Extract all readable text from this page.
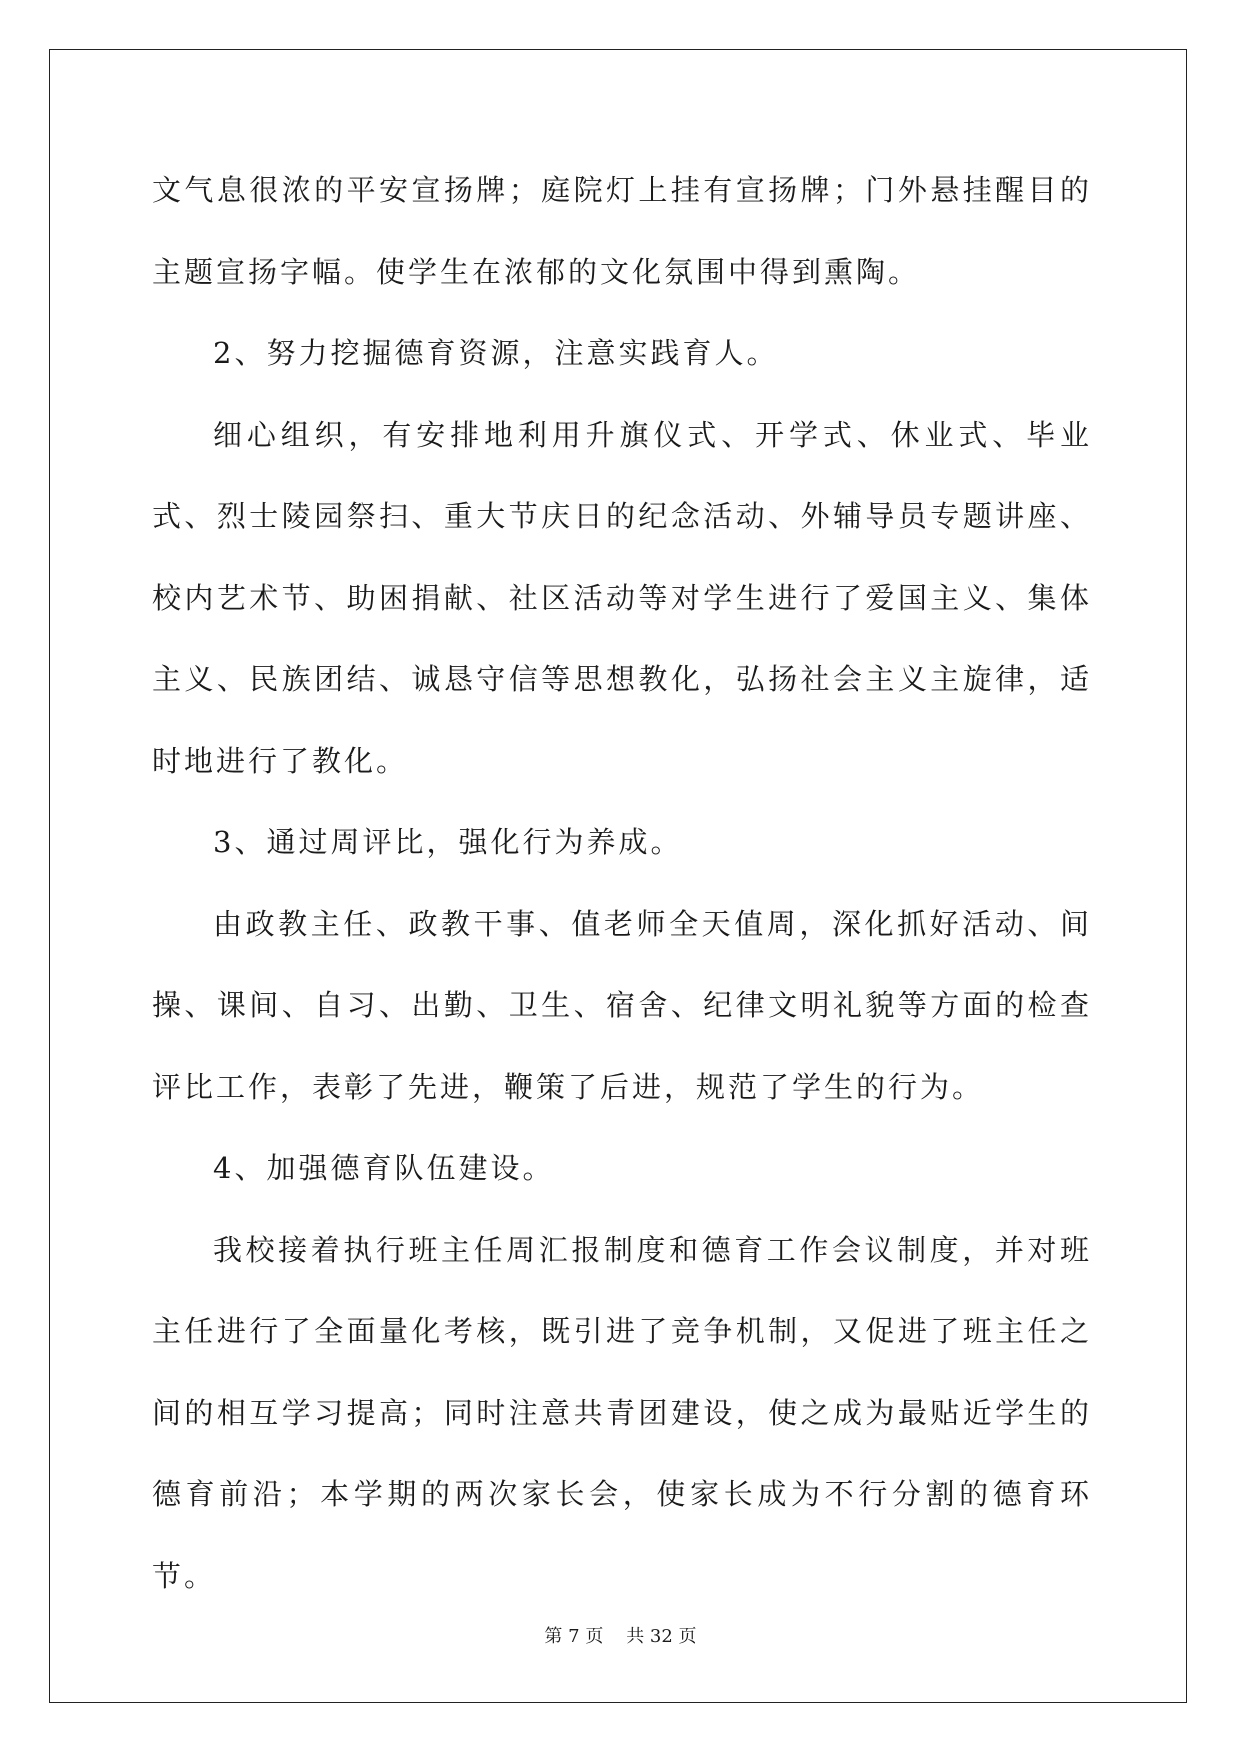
文气息很浓的平安宣扬牌；庭院灯上挂有宣扬牌；门外悬挂醒目的主题宣扬字幅。使学生在浓郁的文化氛围中得到熏陶。

2、努力挖掘德育资源，注意实践育人。

细心组织，有安排地利用升旗仪式、开学式、休业式、毕业式、烈士陵园祭扫、重大节庆日的纪念活动、外辅导员专题讲座、校内艺术节、助困捐献、社区活动等对学生进行了爱国主义、集体主义、民族团结、诚恳守信等思想教化，弘扬社会主义主旋律，适时地进行了教化。

3、通过周评比，强化行为养成。

由政教主任、政教干事、值老师全天值周，深化抓好活动、间操、课间、自习、出勤、卫生、宿舍、纪律文明礼貌等方面的检查评比工作，表彰了先进，鞭策了后进，规范了学生的行为。

4、加强德育队伍建设。

我校接着执行班主任周汇报制度和德育工作会议制度，并对班主任进行了全面量化考核，既引进了竞争机制，又促进了班主任之间的相互学习提高；同时注意共青团建设，使之成为最贴近学生的德育前沿；本学期的两次家长会，使家长成为不行分割的德育环节。

第 7 页    共 32 页
